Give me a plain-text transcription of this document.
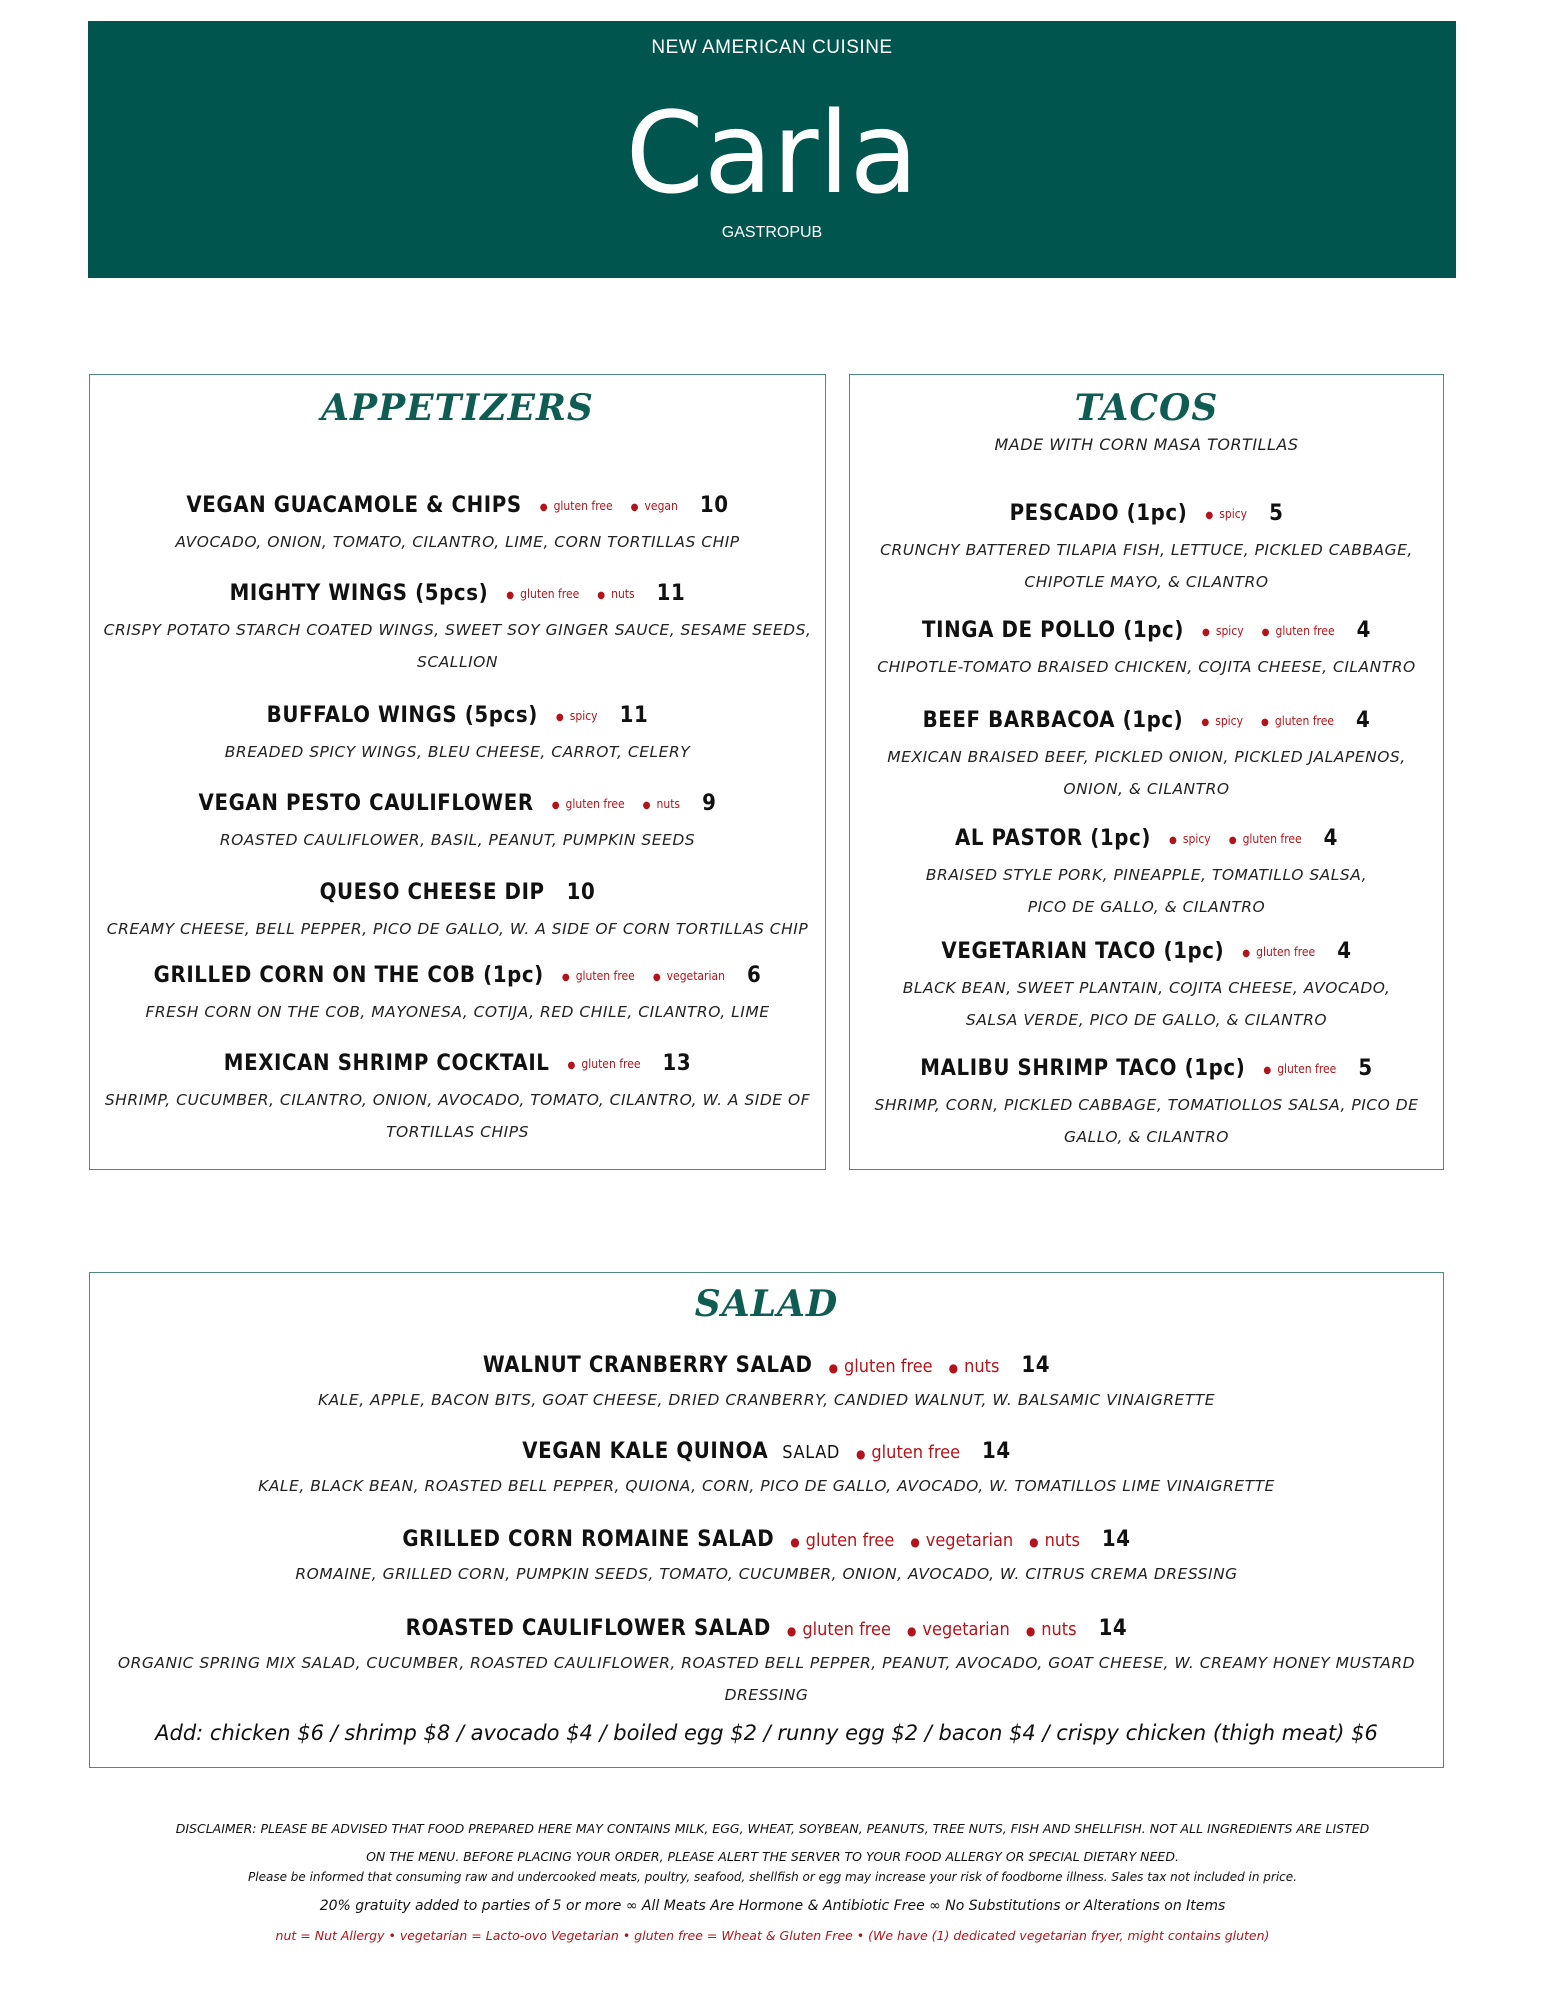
NEW AMERICAN CUISINE
Carla
GASTROPUB
APPETIZERS
VEGAN GUACAMOLE & CHIPS	● gluten free	● vegan 10
AVOCADO, ONION, TOMATO, CILANTRO, LIME, CORN TORTILLAS CHIP
MIGHTY WINGS (5pcs)	● gluten free	● nuts 11
CRISPY POTATO STARCH COATED WINGS, SWEET SOY GINGER SAUCE, SESAME SEEDS,
SCALLION
BUFFALO WINGS (5pcs)	● spicy 11
BREADED SPICY WINGS, BLEU CHEESE, CARROT, CELERY
VEGAN PESTO CAULIFLOWER	● gluten free	● nuts 9
ROASTED CAULIFLOWER, BASIL, PEANUT, PUMPKIN SEEDS
QUESO CHEESE DIP 10
CREAMY CHEESE, BELL PEPPER, PICO DE GALLO, W. A SIDE OF CORN TORTILLAS CHIP
GRILLED CORN ON THE COB (1pc)	● gluten free	● vegetarian 6
FRESH CORN ON THE COB, MAYONESA, COTIJA, RED CHILE, CILANTRO, LIME
MEXICAN SHRIMP COCKTAIL	● gluten free 13
SHRIMP, CUCUMBER, CILANTRO, ONION, AVOCADO, TOMATO, CILANTRO, W. A SIDE OF
TORTILLAS CHIPS
TACOS
MADE WITH CORN MASA TORTILLAS
PESCADO (1pc)	● spicy 5
CRUNCHY BATTERED TILAPIA FISH, LETTUCE, PICKLED CABBAGE,
CHIPOTLE MAYO, & CILANTRO
TINGA DE POLLO (1pc)	● spicy	● gluten free 4
CHIPOTLE-TOMATO BRAISED CHICKEN, COJITA CHEESE, CILANTRO
BEEF BARBACOA (1pc)	● spicy	● gluten free 4
MEXICAN BRAISED BEEF, PICKLED ONION, PICKLED JALAPENOS,
ONION, & CILANTRO
AL PASTOR (1pc)	● spicy	● gluten free 4
BRAISED STYLE PORK, PINEAPPLE, TOMATILLO SALSA,
PICO DE GALLO, & CILANTRO
VEGETARIAN TACO (1pc)	● gluten free 4
BLACK BEAN, SWEET PLANTAIN, COJITA CHEESE, AVOCADO,
SALSA VERDE, PICO DE GALLO, & CILANTRO
MALIBU SHRIMP TACO (1pc)	● gluten free 5
SHRIMP, CORN, PICKLED CABBAGE, TOMATIOLLOS SALSA, PICO DE
GALLO, & CILANTRO
SALAD
Add: chicken $6 / shrimp $8 / avocado $4 / boiled egg $2 / runny egg $2 / bacon $4 / crispy chicken (thigh meat) $6
WALNUT CRANBERRY SALAD ● gluten free ● nuts 14
KALE, APPLE, BACON BITS, GOAT CHEESE, DRIED CRANBERRY, CANDIED WALNUT, W. BALSAMIC VINAIGRETTE
VEGAN KALE QUINOA SALAD ● gluten free 14
KALE, BLACK BEAN, ROASTED BELL PEPPER, QUIONA, CORN, PICO DE GALLO, AVOCADO, W. TOMATILLOS LIME VINAIGRETTE
GRILLED CORN ROMAINE SALAD ● gluten free ● vegetarian ● nuts 14
ROMAINE, GRILLED CORN, PUMPKIN SEEDS, TOMATO, CUCUMBER, ONION, AVOCADO, W. CITRUS CREMA DRESSING
ROASTED CAULIFLOWER SALAD ● gluten free ● vegetarian ● nuts 14
ORGANIC SPRING MIX SALAD, CUCUMBER, ROASTED CAULIFLOWER, ROASTED BELL PEPPER, PEANUT, AVOCADO, GOAT CHEESE, W. CREAMY HONEY MUSTARD
DRESSING
DISCLAIMER: PLEASE BE ADVISED THAT FOOD PREPARED HERE MAY CONTAINS MILK, EGG, WHEAT, SOYBEAN, PEANUTS, TREE NUTS, FISH AND SHELLFISH. NOT ALL INGREDIENTS ARE LISTED
ON THE MENU. BEFORE PLACING YOUR ORDER, PLEASE ALERT THE SERVER TO YOUR FOOD ALLERGY OR SPECIAL DIETARY NEED.
Please be informed that consuming raw and undercooked meats, poultry, seafood, shellfish or egg may increase your risk of foodborne illness. Sales tax not included in price.
20% gratuity added to parties of 5 or more ∞ All Meats Are Hormone & Antibiotic Free ∞ No Substitutions or Alterations on Items
nut = Nut Allergy • vegetarian = Lacto-ovo Vegetarian • gluten free = Wheat & Gluten Free • (We have (1) dedicated vegetarian fryer, might contains gluten)
